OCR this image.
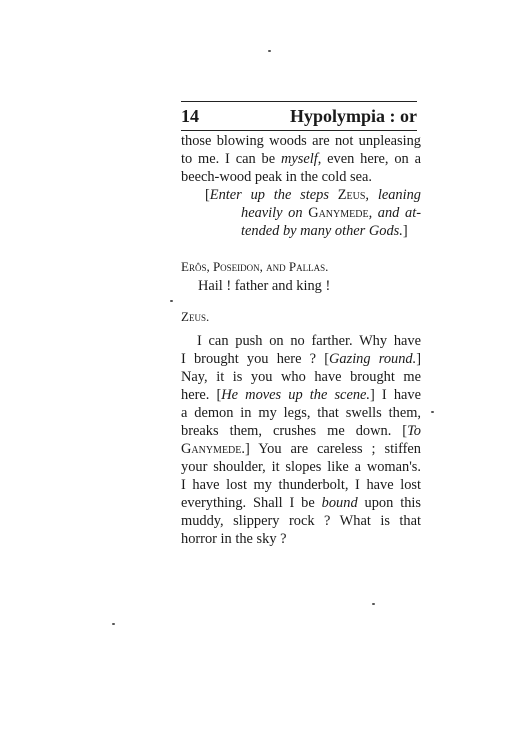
14	Hypolympia : or
those blowing woods are not unpleasing
to me. I can be myself, even here, on a
beech-wood peak in the cold sea.
[Enter up the steps Zeus, leaning
heavily on Ganymede, and at-
tended by many other Gods.]
Erôs, Poseidon, and Pallas.
Hail ! father and king !
Zeus.
I can push on no farther. Why have
I brought you here ? [Gazing round.]
Nay, it is you who have brought me
here. [He moves up the scene.] I have
a demon in my legs, that swells them,
breaks them, crushes me down. [To
Ganymede.] You are careless ; stiffen
your shoulder, it slopes like a woman's.
I have lost my thunderbolt, I have lost
everything. Shall I be bound upon this
muddy, slippery rock ? What is that
horror in the sky ?
